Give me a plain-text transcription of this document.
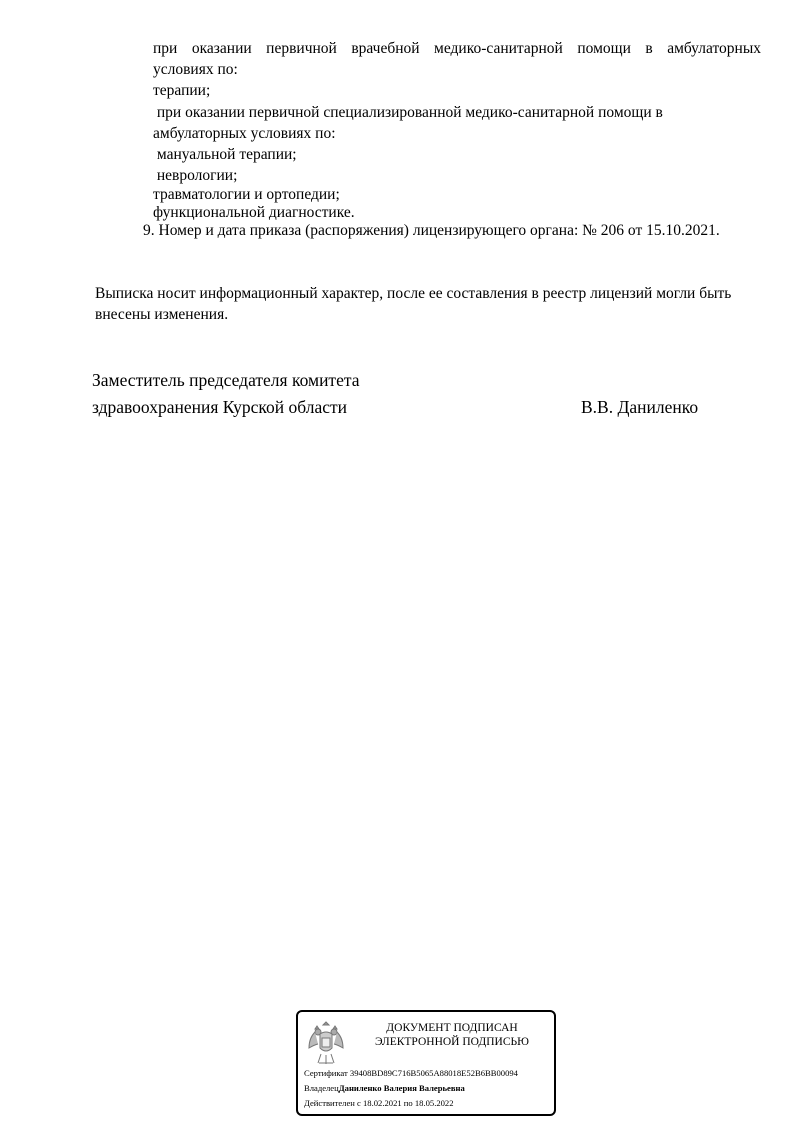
при оказании первичной врачебной медико-санитарной помощи в амбулаторных
условиях по:
терапии;
при оказании первичной специализированной медико-санитарной помощи в
амбулаторных условиях по:
мануальной терапии;
неврологии;
травматологии и ортопедии;
функциональной диагностике.
9. Номер и дата приказа (распоряжения) лицензирующего органа: № 206 от 15.10.2021.
Выписка носит информационный характер, после ее составления в реестр лицензий могли быть
внесены изменения.
Заместитель председателя комитета
здравоохранения Курской области	В.В. Даниленко
ДОКУМЕНТ ПОДПИСАН
ЭЛЕКТРОННОЙ ПОДПИСЬЮ
Сертификат 39408BD89C716B5065A88018E52B6BB00094
ВладелецДаниленко Валерия Валерьевна
Действителен с 18.02.2021 по 18.05.2022
